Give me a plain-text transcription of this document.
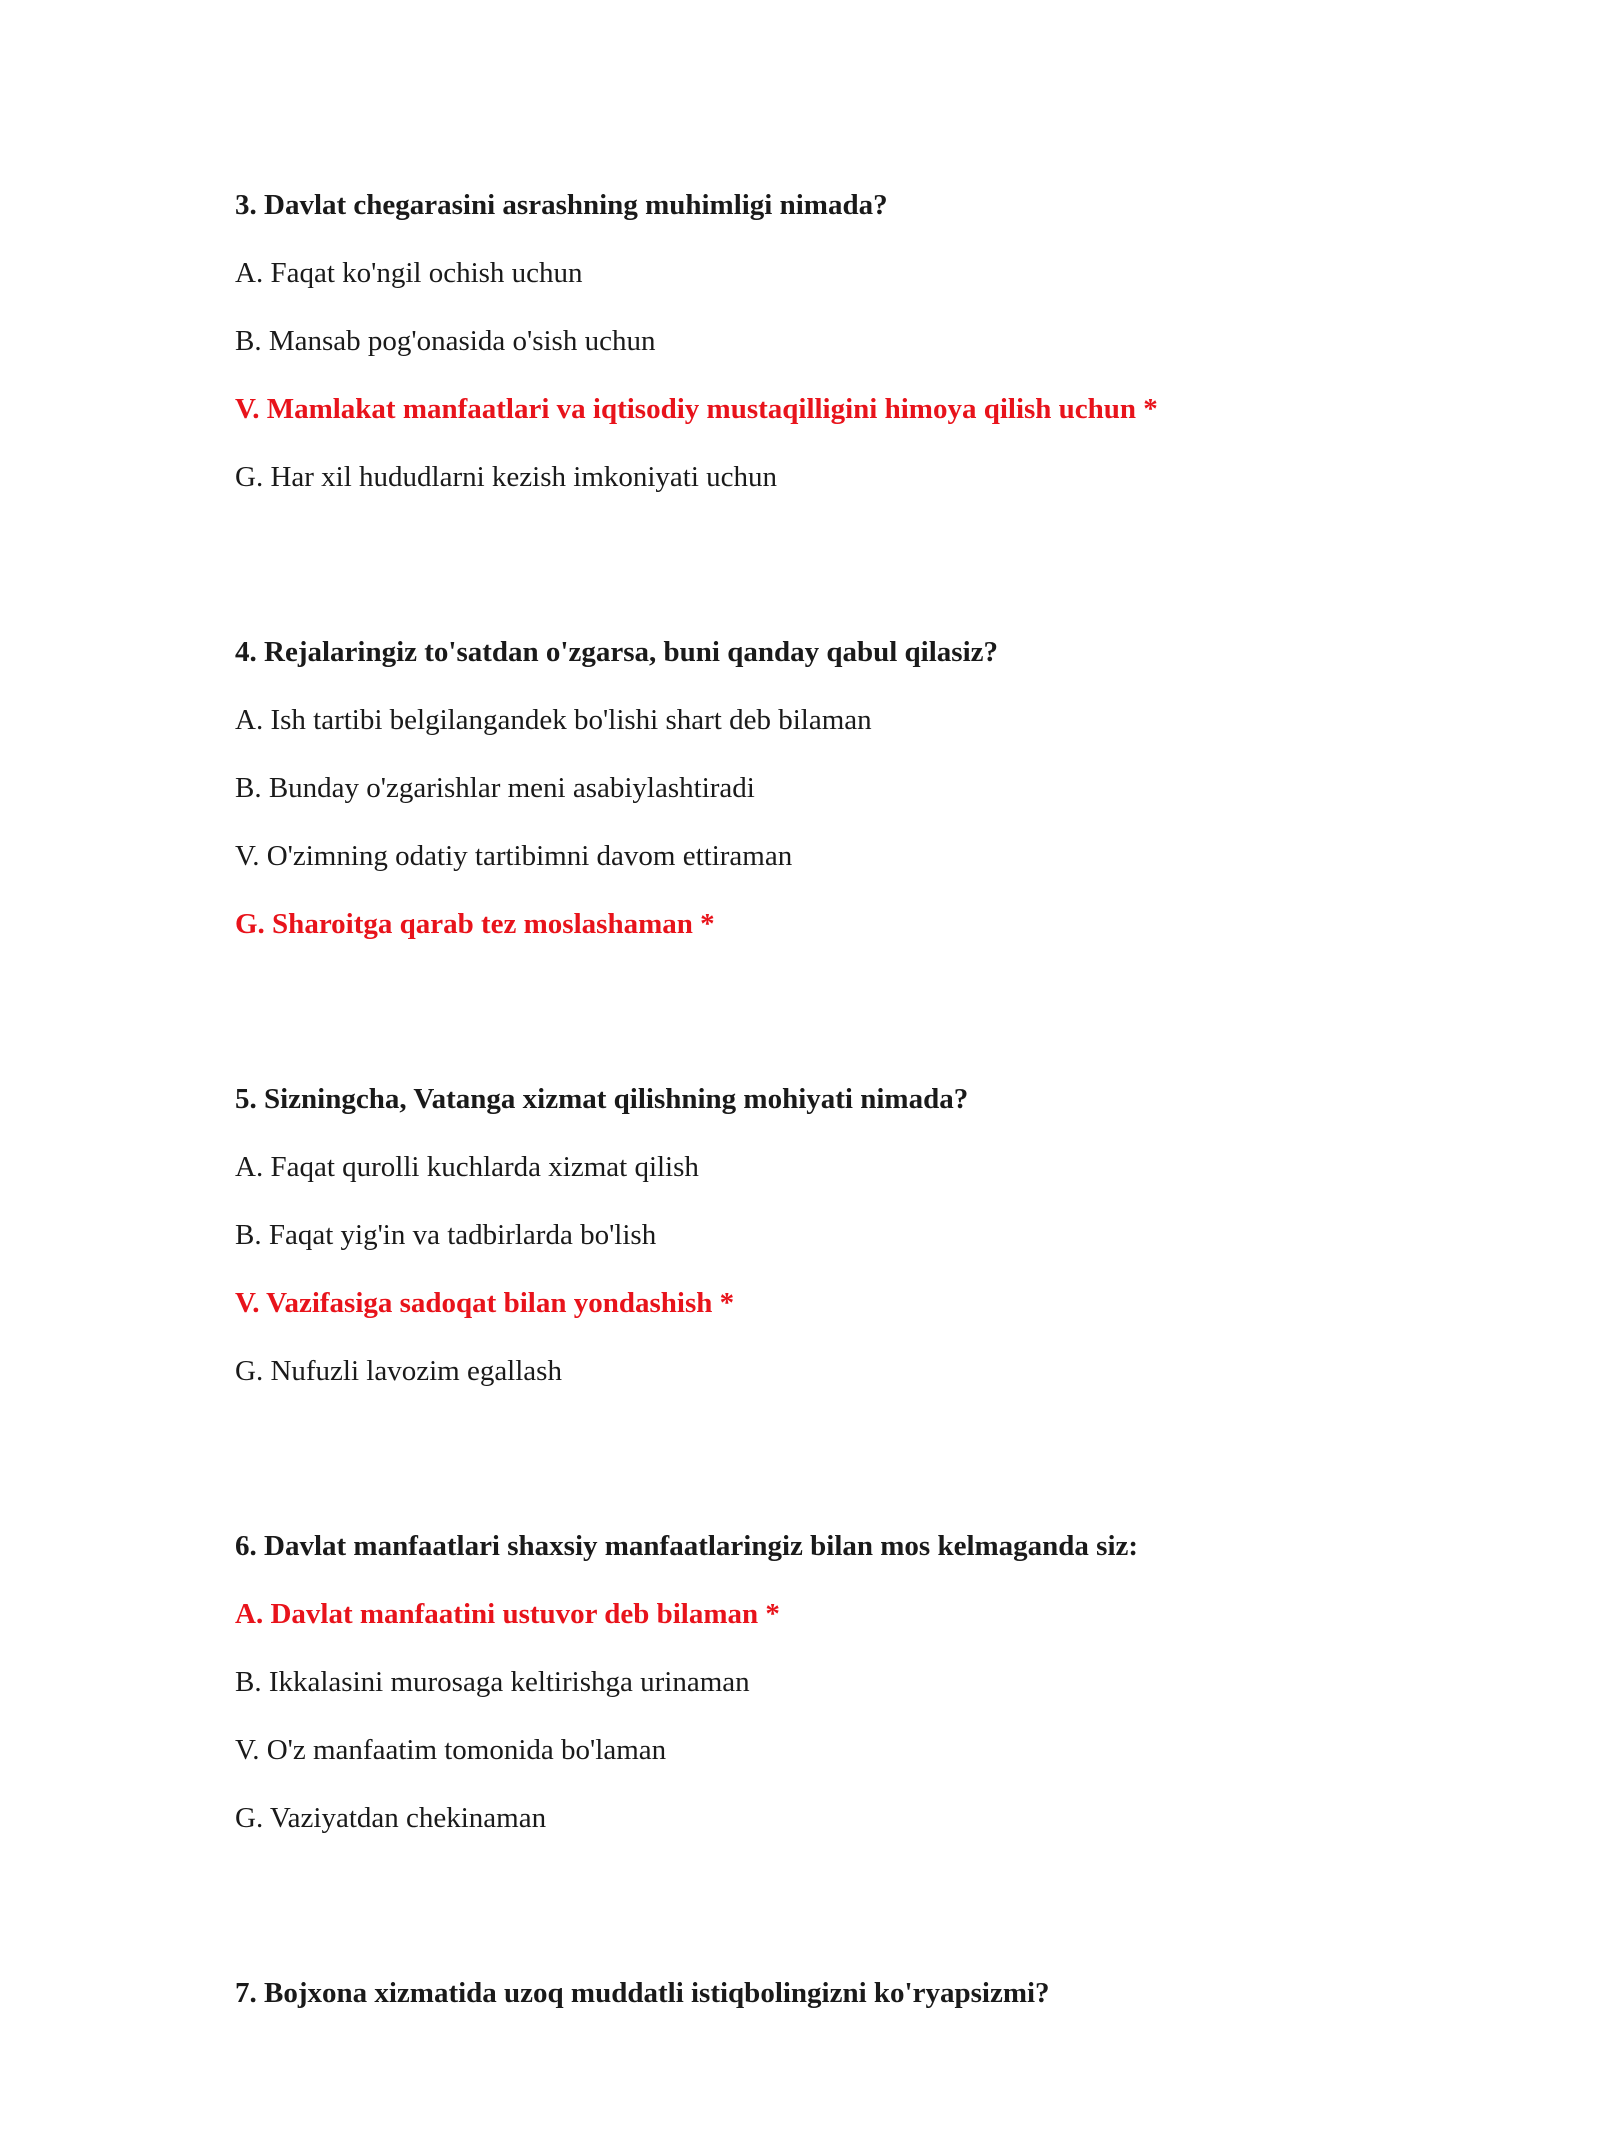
3. Davlat chegarasini asrashning muhimligi nimada?
A. Faqat ko'ngil ochish uchun
B. Mansab pog'onasida o'sish uchun
V. Mamlakat manfaatlari va iqtisodiy mustaqilligini himoya qilish uchun *
G. Har xil hududlarni kezish imkoniyati uchun
4. Rejalaringiz to'satdan o'zgarsa, buni qanday qabul qilasiz?
A. Ish tartibi belgilangandek bo'lishi shart deb bilaman
B. Bunday o'zgarishlar meni asabiylashtiradi
V. O'zimning odatiy tartibimni davom ettiraman
G. Sharoitga qarab tez moslashaman *
5. Sizningcha, Vatanga xizmat qilishning mohiyati nimada?
A. Faqat qurolli kuchlarda xizmat qilish
B. Faqat yig'in va tadbirlarda bo'lish
V. Vazifasiga sadoqat bilan yondashish *
G. Nufuzli lavozim egallash
6. Davlat manfaatlari shaxsiy manfaatlaringiz bilan mos kelmaganda siz:
A. Davlat manfaatini ustuvor deb bilaman *
B. Ikkalasini murosaga keltirishga urinaman
V. O'z manfaatim tomonida bo'laman
G. Vaziyatdan chekinaman
7. Bojxona xizmatida uzoq muddatli istiqbolingizni ko'ryapsizmi?
